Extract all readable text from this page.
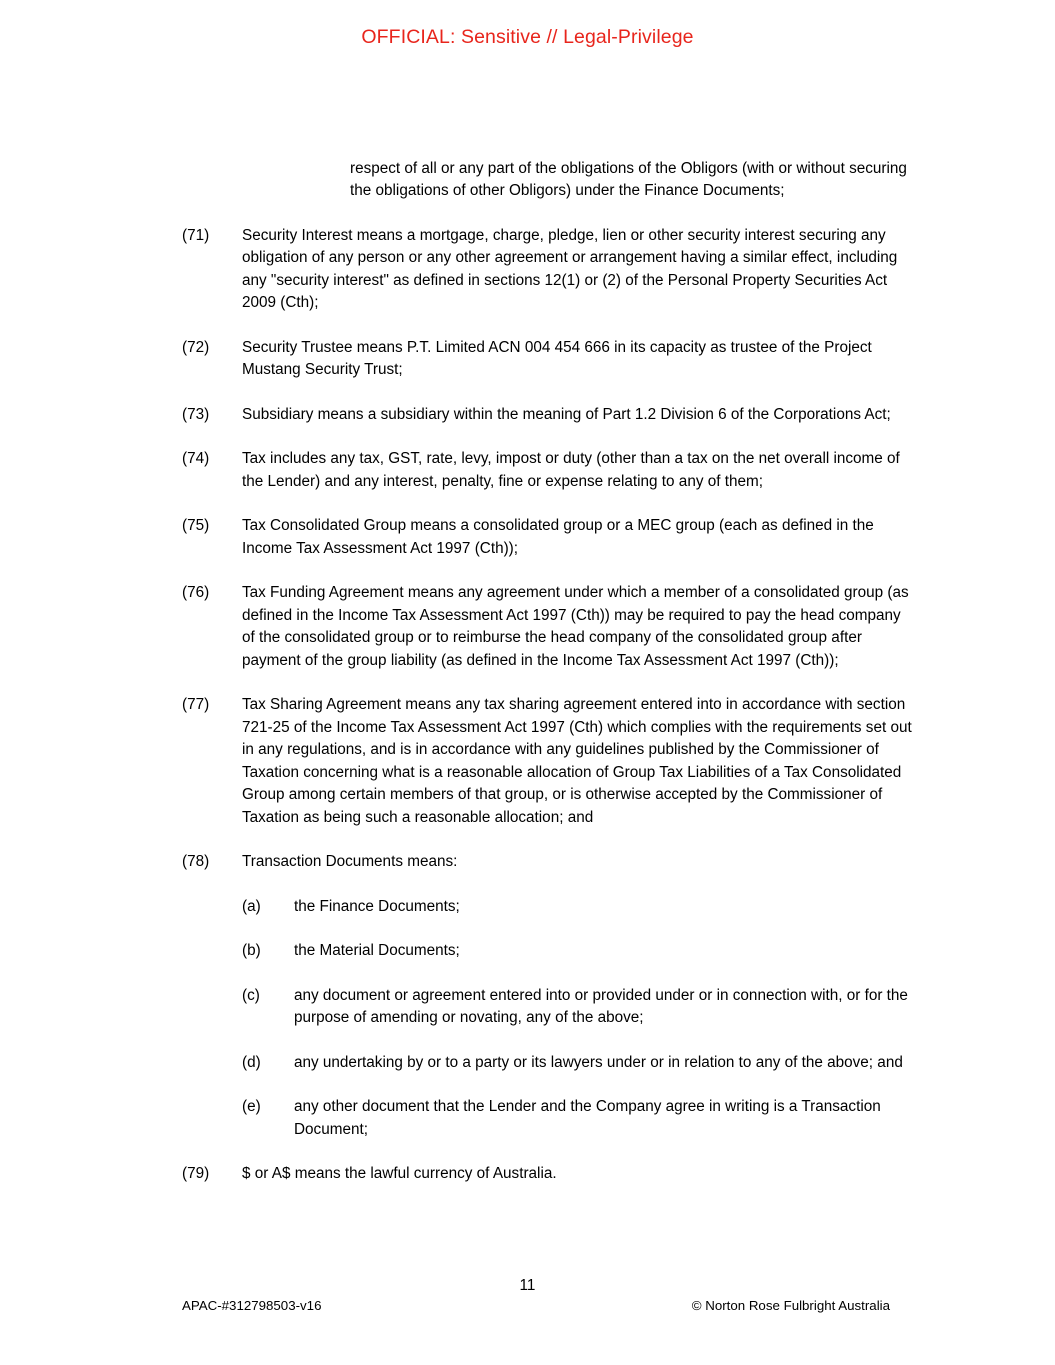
OFFICIAL: Sensitive // Legal-Privilege

respect of all or any part of the obligations of the Obligors (with or without securing the obligations of other Obligors) under the Finance Documents;

(71)	Security Interest means a mortgage, charge, pledge, lien or other security interest securing any obligation of any person or any other agreement or arrangement having a similar effect, including any "security interest" as defined in sections 12(1) or (2) of the Personal Property Securities Act 2009 (Cth);
(72)	Security Trustee means P.T. Limited ACN 004 454 666 in its capacity as trustee of the Project Mustang Security Trust;
(73)	Subsidiary means a subsidiary within the meaning of Part 1.2 Division 6 of the Corporations Act;
(74)	Tax includes any tax, GST, rate, levy, impost or duty (other than a tax on the net overall income of the Lender) and any interest, penalty, fine or expense relating to any of them;
(75)	Tax Consolidated Group means a consolidated group or a MEC group (each as defined in the Income Tax Assessment Act 1997 (Cth));
(76)	Tax Funding Agreement means any agreement under which a member of a consolidated group (as defined in the Income Tax Assessment Act 1997 (Cth)) may be required to pay the head company of the consolidated group or to reimburse the head company of the consolidated group after payment of the group liability (as defined in the Income Tax Assessment Act 1997 (Cth));
(77)	Tax Sharing Agreement means any tax sharing agreement entered into in accordance with section 721-25 of the Income Tax Assessment Act 1997 (Cth) which complies with the requirements set out in any regulations, and is in accordance with any guidelines published by the Commissioner of Taxation concerning what is a reasonable allocation of Group Tax Liabilities of a Tax Consolidated Group among certain members of that group, or is otherwise accepted by the Commissioner of Taxation as being such a reasonable allocation; and
(78)	Transaction Documents means:
(a)	the Finance Documents;
(b)	the Material Documents;
(c)	any document or agreement entered into or provided under or in connection with, or for the purpose of amending or novating, any of the above;
(d)	any undertaking by or to a party or its lawyers under or in relation to any of the above; and
(e)	any other document that the Lender and the Company agree in writing is a Transaction Document;
(79)	$ or A$ means the lawful currency of Australia.
11
APAC-#312798503-v16	© Norton Rose Fulbright Australia
